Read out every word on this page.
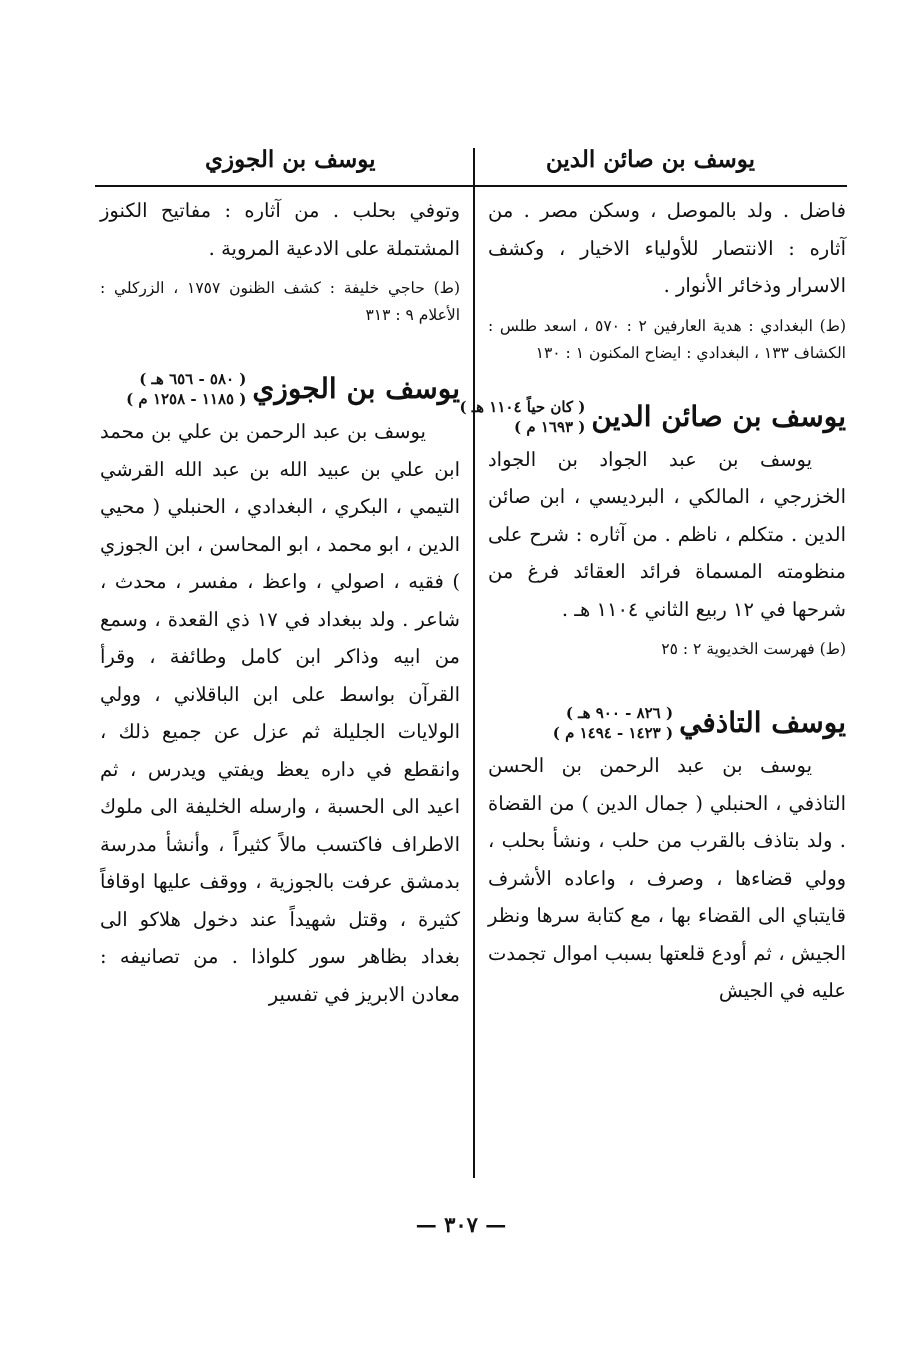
يوسف بن صائن الدين
يوسف بن الجوزي

فاضل . ولد بالموصل ، وسكن مصر . من آثاره : الانتصار للأولياء الاخيار ، وكشف الاسرار وذخائر الأنوار .

(ط) البغدادي : هدية العارفين ٢ : ٥٧٠ ، اسعد طلس : الكشاف ١٣٣ ، البغدادي : ايضاح المكنون ١ : ١٣٠

يوسف بن صائن الدين
( كان حياً ١١٠٤ هـ )
( ١٦٩٣ م )

يوسف بن عبد الجواد بن الجواد الخزرجي ، المالكي ، البرديسي ، ابن صائن الدين . متكلم ، ناظم . من آثاره : شرح على منظومته المسماة فرائد العقائد فرغ من شرحها في ١٢ ربيع الثاني ١١٠٤ هـ .

(ط) فهرست الخديوية ٢ : ٢٥

يوسف التاذفي
( ٨٢٦ - ٩٠٠ هـ )
( ١٤٢٣ - ١٤٩٤ م )

يوسف بن عبد الرحمن بن الحسن التاذفي ، الحنبلي ( جمال الدين ) من القضاة . ولد بتاذف بالقرب من حلب ، ونشأ بحلب ، وولي قضاءها ، وصرف ، واعاده الأشرف قايتباي الى القضاء بها ، مع كتابة سرها ونظر الجيش ، ثم أودع قلعتها بسبب اموال تجمدت عليه في الجيش

وتوفي بحلب . من آثاره : مفاتيح الكنوز المشتملة على الادعية المروية .

(ط) حاجي خليفة : كشف الظنون ١٧٥٧ ، الزركلي : الأعلام ٩ : ٣١٣

يوسف بن الجوزي
( ٥٨٠ - ٦٥٦ هـ )
( ١١٨٥ - ١٢٥٨ م )

يوسف بن عبد الرحمن بن علي بن محمد ابن علي بن عبيد الله بن عبد الله القرشي التيمي ، البكري ، البغدادي ، الحنبلي ( محيي الدين ، ابو محمد ، ابو المحاسن ، ابن الجوزي ) فقيه ، اصولي ، واعظ ، مفسر ، محدث ، شاعر . ولد ببغداد في ١٧ ذي القعدة ، وسمع من ابيه وذاكر ابن كامل وطائفة ، وقرأ القرآن بواسط على ابن الباقلاني ، وولي الولايات الجليلة ثم عزل عن جميع ذلك ، وانقطع في داره يعظ ويفتي ويدرس ، ثم اعيد الى الحسبة ، وارسله الخليفة الى ملوك الاطراف فاكتسب مالاً كثيراً ، وأنشأ مدرسة بدمشق عرفت بالجوزية ، ووقف عليها اوقافاً كثيرة ، وقتل شهيداً عند دخول هلاكو الى بغداد بظاهر سور كلواذا . من تصانيفه : معادن الابريز في تفسير

— ٣٠٧ —
